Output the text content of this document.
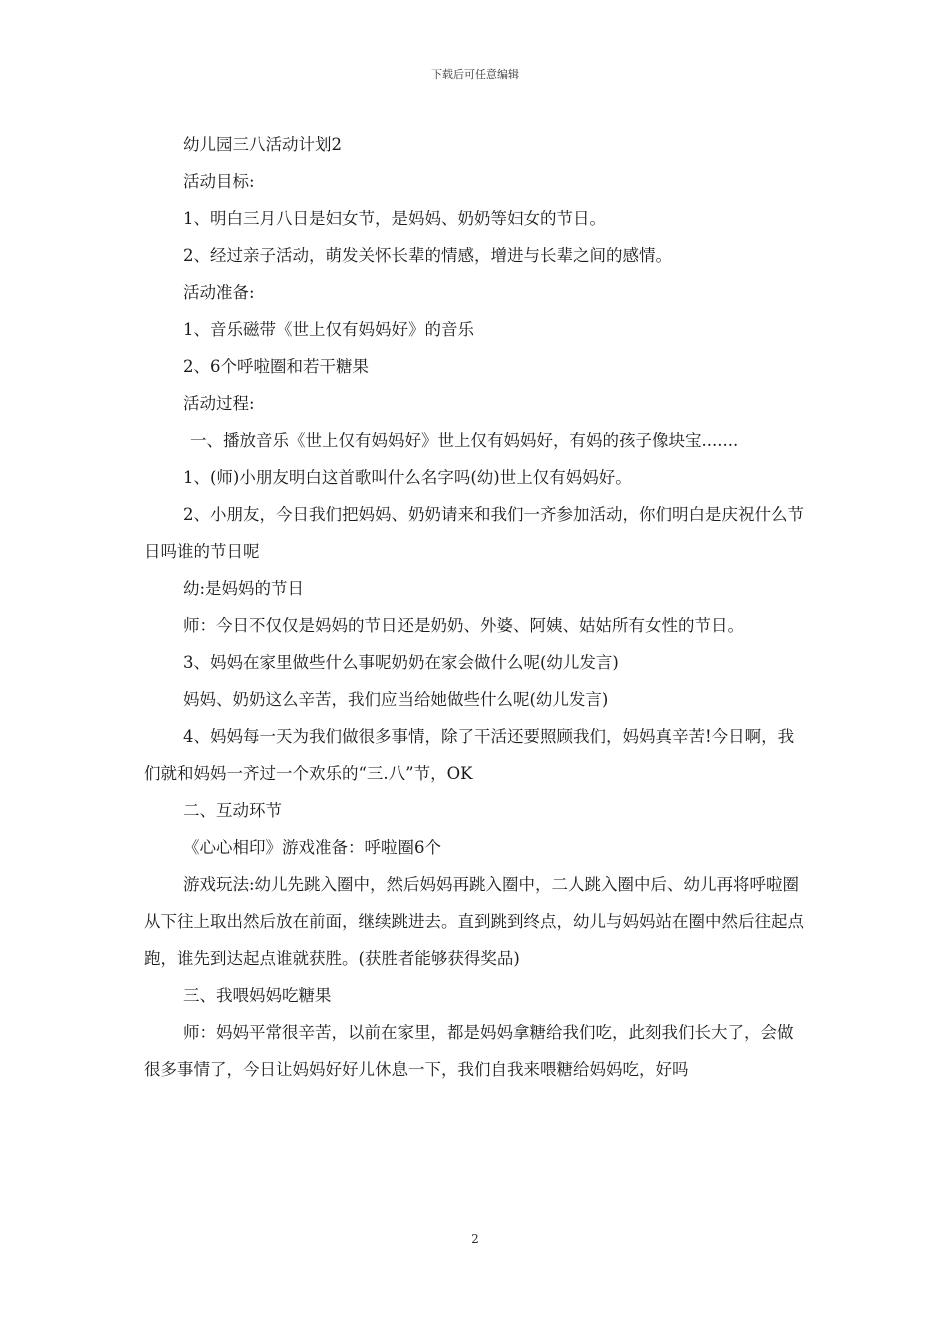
下载后可任意编辑

幼儿园三八活动计划2

活动目标:

1、明白三月八日是妇女节，是妈妈、奶奶等妇女的节日。

2、经过亲子活动，萌发关怀长辈的情感，增进与长辈之间的感情。

活动准备:

1、音乐磁带《世上仅有妈妈好》的音乐

2、6个呼啦圈和若干糖果

活动过程:

一、播放音乐《世上仅有妈妈好》世上仅有妈妈好，有妈的孩子像块宝.......

1、(师)小朋友明白这首歌叫什么名字吗(幼)世上仅有妈妈好。

2、小朋友，今日我们把妈妈、奶奶请来和我们一齐参加活动，你们明白是庆祝什么节日吗谁的节日呢

幼:是妈妈的节日

师：今日不仅仅是妈妈的节日还是奶奶、外婆、阿姨、姑姑所有女性的节日。

3、妈妈在家里做些什么事呢奶奶在家会做什么呢(幼儿发言)

妈妈、奶奶这么辛苦，我们应当给她做些什么呢(幼儿发言)

4、妈妈每一天为我们做很多事情，除了干活还要照顾我们，妈妈真辛苦!今日啊，我们就和妈妈一齐过一个欢乐的“三.八”节，OK

二、互动环节

《心心相印》游戏准备：呼啦圈6个

游戏玩法:幼儿先跳入圈中，然后妈妈再跳入圈中，二人跳入圈中后、幼儿再将呼啦圈从下往上取出然后放在前面，继续跳进去。直到跳到终点，幼儿与妈妈站在圈中然后往起点跑，谁先到达起点谁就获胜。(获胜者能够获得奖品)

三、我喂妈妈吃糖果

师：妈妈平常很辛苦，以前在家里，都是妈妈拿糖给我们吃，此刻我们长大了，会做很多事情了，今日让妈妈好好儿休息一下，我们自我来喂糖给妈妈吃，好吗

2
